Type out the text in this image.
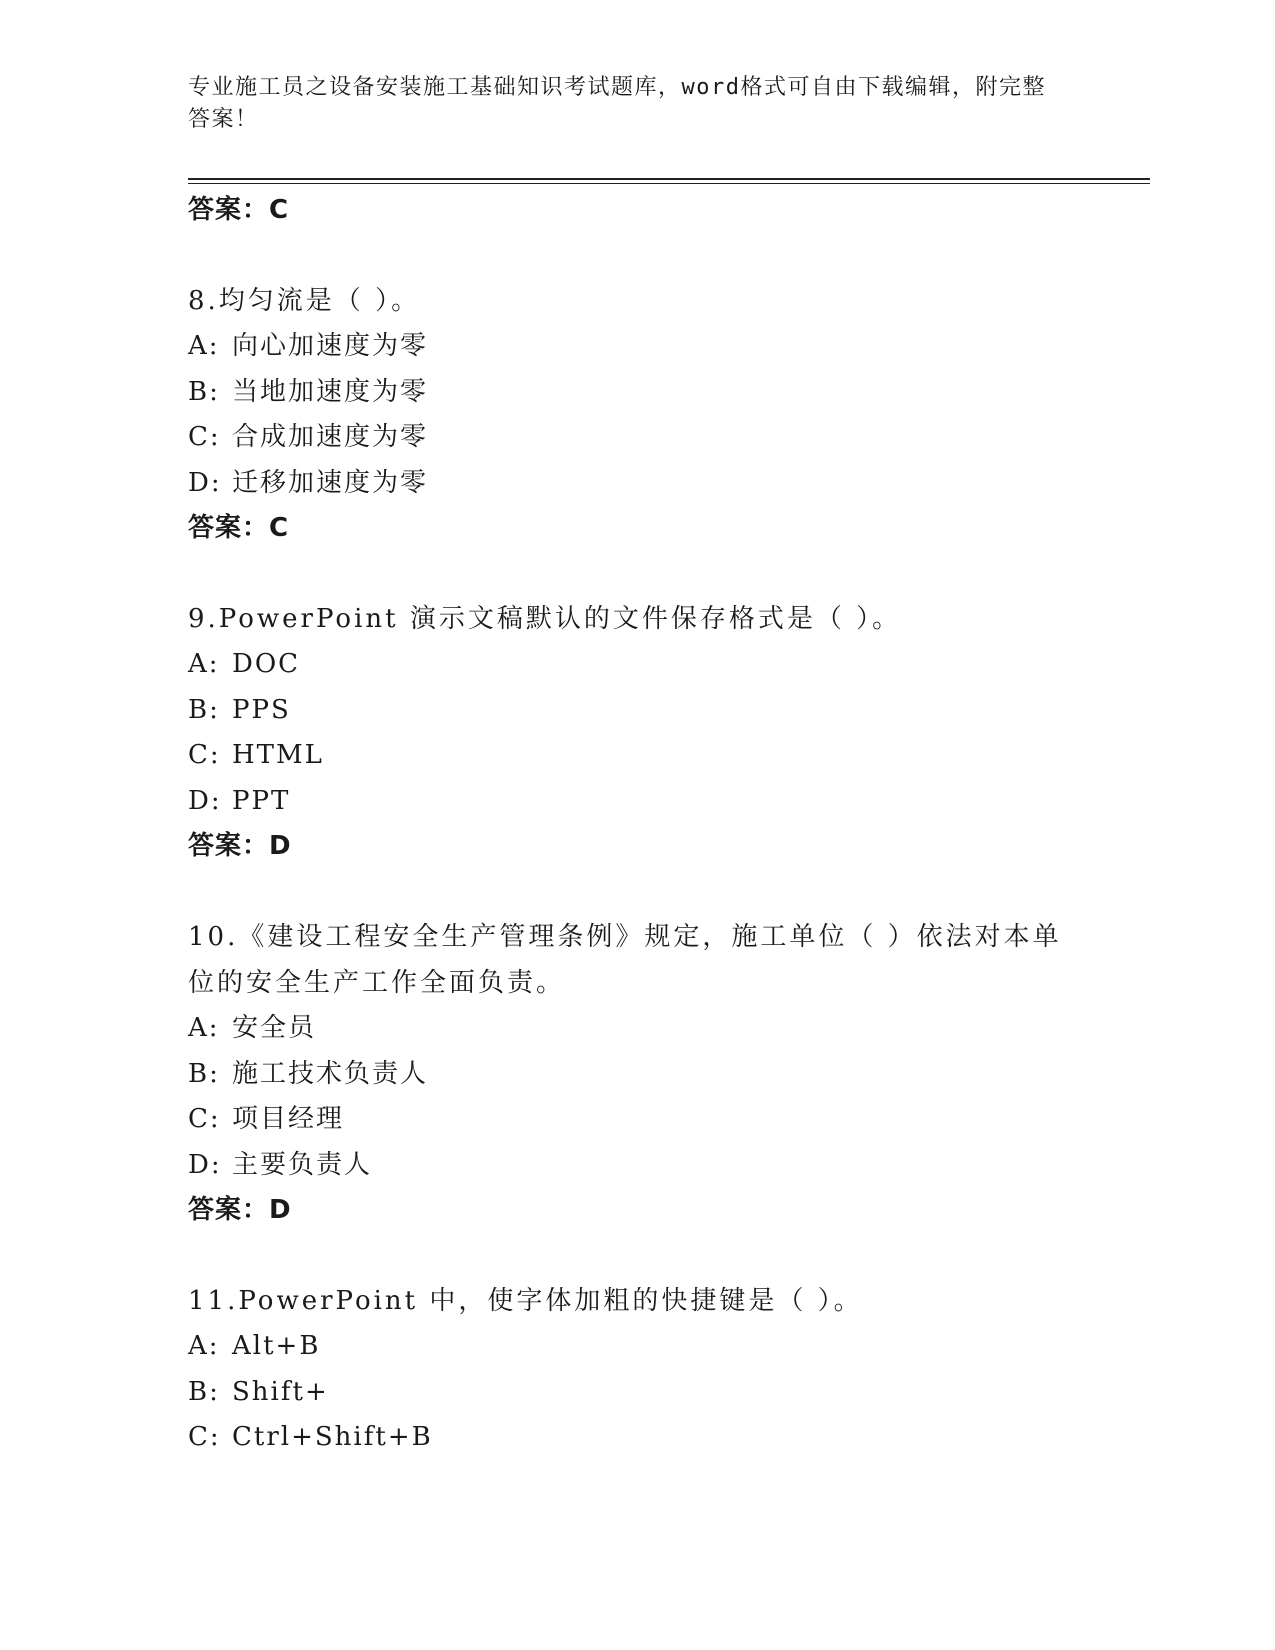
专业施工员之设备安装施工基础知识考试题库，word格式可自由下载编辑，附完整答案！
答案：C
8.均匀流是（ ）。
A: 向心加速度为零
B: 当地加速度为零
C: 合成加速度为零
D: 迁移加速度为零
答案：C
9.PowerPoint 演示文稿默认的文件保存格式是（ ）。
A: DOC
B: PPS
C: HTML
D: PPT
答案：D
10.《建设工程安全生产管理条例》规定，施工单位（ ）依法对本单位的安全生产工作全面负责。
A: 安全员
B: 施工技术负责人
C: 项目经理
D: 主要负责人
答案：D
11.PowerPoint 中，使字体加粗的快捷键是（ ）。
A: Alt+B
B: Shift+
C: Ctrl+Shift+B
